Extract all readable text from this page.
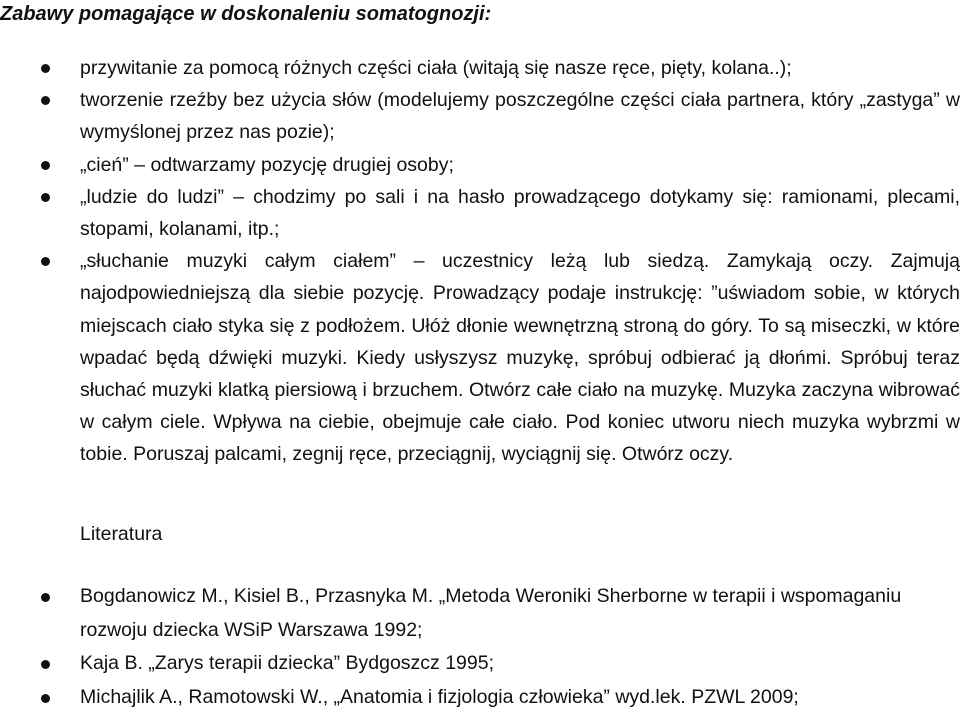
Zabawy pomagające w doskonaleniu somatognozji:
przywitanie za pomocą różnych części ciała (witają się nasze ręce, pięty, kolana..);
tworzenie rzeźby bez użycia słów (modelujemy poszczególne części ciała partnera, który „zastyga” w wymyślonej przez nas pozie);
„cień” – odtwarzamy pozycję drugiej osoby;
„ludzie do ludzi” – chodzimy po sali i na hasło prowadzącego dotykamy się: ramionami, plecami, stopami, kolanami, itp.;
„słuchanie muzyki całym ciałem” – uczestnicy leżą lub siedzą. Zamykają oczy. Zajmują najodpowiedniejszą dla siebie pozycję. Prowadzący podaje instrukcję: ”uświadom sobie, w których miejscach ciało styka się z podłożem. Ułóż dłonie wewnętrzną stroną do góry. To są miseczki, w które wpadać będą dźwięki muzyki. Kiedy usłyszysz muzykę, spróbuj odbierać ją dłońmi. Spróbuj teraz słuchać muzyki klatką piersiową i brzuchem. Otwórz całe ciało na muzykę. Muzyka zaczyna wibrować w całym ciele. Wpływa na ciebie, obejmuje całe ciało. Pod koniec utworu niech muzyka wybrzmi w tobie. Poruszaj palcami, zegnij ręce, przeciągnij, wyciągnij się. Otwórz oczy.
Literatura
Bogdanowicz M., Kisiel B., Przasnyka M. „Metoda Weroniki Sherborne w terapii i wspomaganiu rozwoju dziecka WSiP Warszawa 1992;
Kaja B. „Zarys terapii dziecka” Bydgoszcz 1995;
Michajlik A., Ramotowski W., „Anatomia i fizjologia człowieka” wyd.lek. PZWL 2009;
